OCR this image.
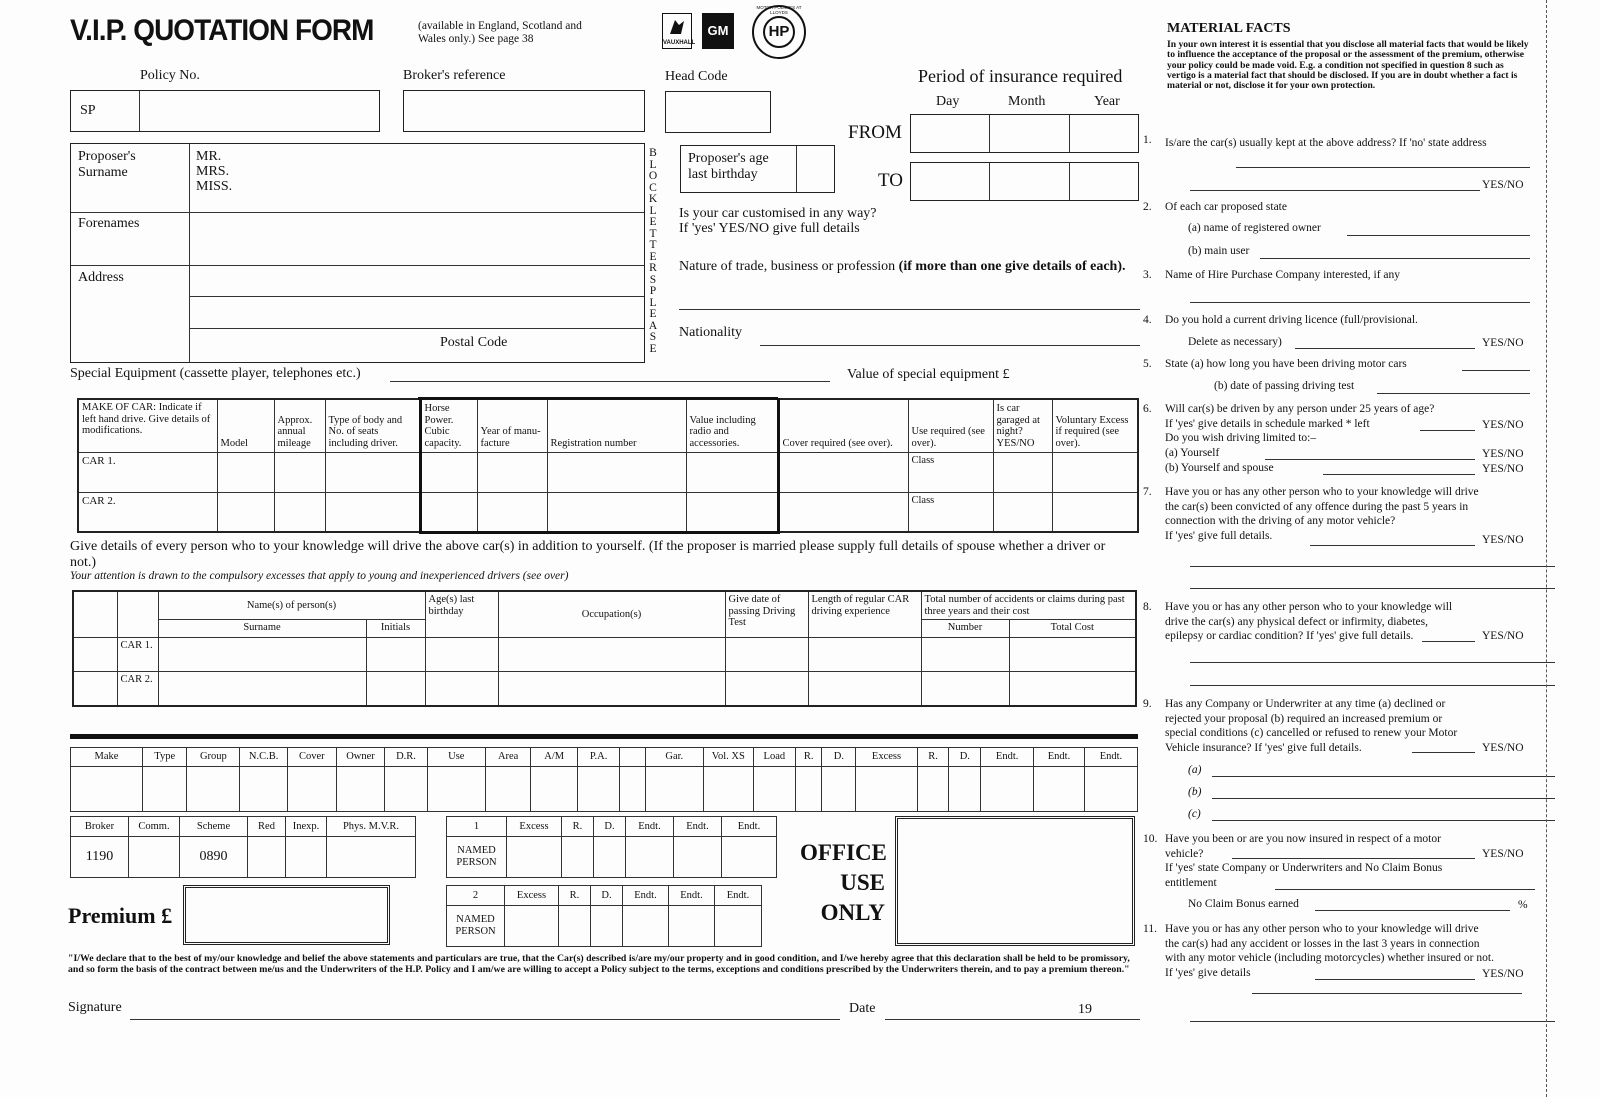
V.I.P. QUOTATION FORM	(available in England, Scotland and Wales only.) See page 38	VAUXHALL
GM	HP
MOTOR POLICIES AT LLOYDS
Policy No.
SP
Broker's reference	Head Code	Period of insurance required
Day	Month	Year
FROM
TO
Proposer's Surname
MR.
MRS.
MISS.
Forenames
Address
Postal Code
BLOCK LETTERS PLEASE
Proposer's age last birthday
Is your car customised in any way?
If 'yes' YES/NO give full details
Nature of trade, business or profession (if more than one give details of each).
Nationality
Special Equipment (cassette player, telephones etc.)	Value of special equipment £
MAKE OF CAR: Indicate if left hand drive. Give details of modifications.	Model	Approx. annual mileage	Type of body and No. of seats including driver.	Horse Power. Cubic capacity.	Year of manu-facture	Registration number	Value including radio and accessories.	Cover required (see over).	Use required (see over).	Is car garaged at night? YES/NO	Voluntary Excess if required (see over).
CAR 1.									Class		
CAR 2.									Class		
Give details of every person who to your knowledge will drive the above car(s) in addition to yourself. (If the proposer is married please supply full details of spouse whether a driver or not.)
Your attention is drawn to the compulsory excesses that apply to young and inexperienced drivers (see over)
		Name(s) of person(s)		Age(s) last birthday	Occupation(s)	Give date of passing Driving Test	Length of regular CAR driving experience	Total number of accidents or claims during past three years and their cost	
		Surname	Initials					Number	Total Cost
	CAR 1.								
	CAR 2.								
Make	Type	Group	N.C.B.	Cover	Owner	D.R.	Use	Area	A/M	P.A.		Gar.	Vol. XS	Load	R.	D.	Excess	R.	D.	Endt.	Endt.	Endt.

Broker	Comm.	Scheme	Red	Inexp.	Phys. M.V.R.
1190		0890			
1	Excess	R.	D.	Endt.	Endt.	Endt.
NAMED PERSON						
2	Excess	R.	D.	Endt.	Endt.	Endt.
NAMED PERSON						
OFFICE
USE
ONLY
Premium £
"I/We declare that to the best of my/our knowledge and belief the above statements and particulars are true, that the Car(s) described is/are my/our property and in good condition, and I/we hereby agree that this declaration shall be held to be promissory, and so form the basis of the contract between me/us and the Underwriters of the H.P. Policy and I am/we are willing to accept a Policy subject to the terms, exceptions and conditions prescribed by the Underwriters therein, and to pay a premium thereon."
Signature	Date	19
MATERIAL FACTS
In your own interest it is essential that you disclose all material facts that would be likely to influence the acceptance of the proposal or the assessment of the premium, otherwise your policy could be made void. E.g. a condition not specified in question 8 such as vertigo is a material fact that should be disclosed. If you are in doubt whether a fact is material or not, disclose it for your own protection.
1. Is/are the car(s) usually kept at the above address? If 'no' state address
YES/NO
2. Of each car proposed state
(a) name of registered owner
(b) main user
3. Name of Hire Purchase Company interested, if any
4. Do you hold a current driving licence (full/provisional.
Delete as necessary)	YES/NO
5. State (a) how long you have been driving motor cars
(b) date of passing driving test
6. Will car(s) be driven by any person under 25 years of age?
If 'yes' give details in schedule marked * left
Do you wish driving limited to:–
(a) Yourself
(b) Yourself and spouse
YES/NO
YES/NO
YES/NO
7. Have you or has any other person who to your knowledge will drive the car(s) been convicted of any offence during the past 5 years in connection with the driving of any motor vehicle?
If 'yes' give full details.	YES/NO
8. Have you or has any other person who to your knowledge will drive the car(s) any physical defect or infirmity, diabetes, epilepsy or cardiac condition? If 'yes' give full details.	YES/NO
9. Has any Company or Underwriter at any time (a) declined or rejected your proposal (b) required an increased premium or special conditions (c) cancelled or refused to renew your Motor Vehicle insurance? If 'yes' give full details.	YES/NO
(a)
(b)
(c)
10. Have you been or are you now insured in respect of a motor vehicle?
If 'yes' state Company or Underwriters and No Claim Bonus entitlement
YES/NO
No Claim Bonus earned	%
11. Have you or has any other person who to your knowledge will drive the car(s) had any accident or losses in the last 3 years in connection with any motor vehicle (including motorcycles) whether insured or not.
If 'yes' give details	YES/NO
